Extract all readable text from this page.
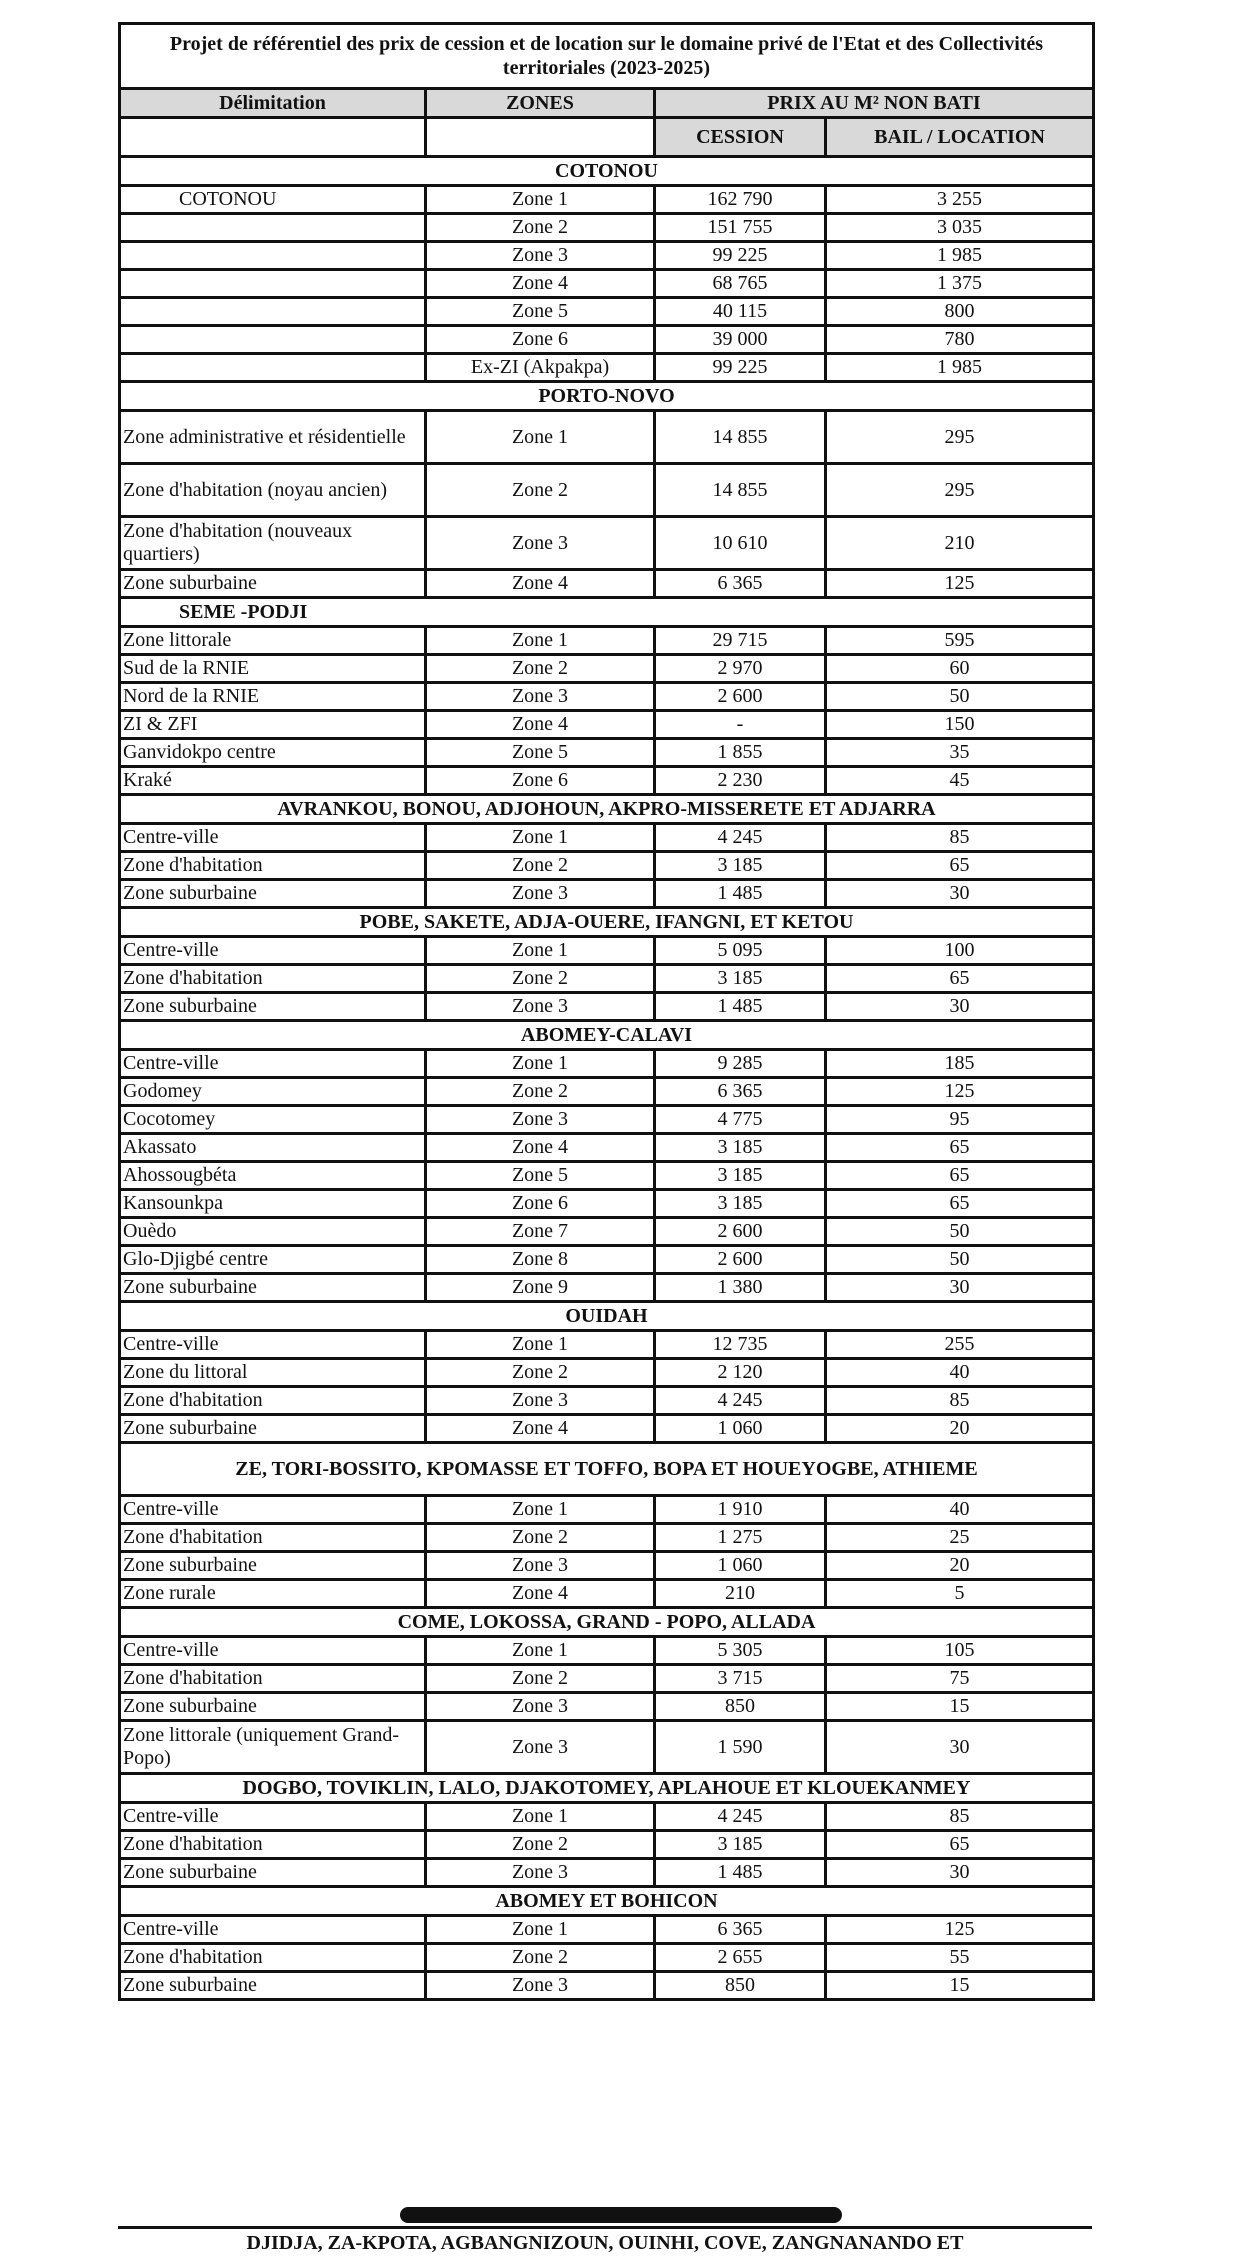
Projet de référentiel des prix de cession et de location sur le domaine privé de l'Etat et des Collectivités territoriales (2023-2025)			
Délimitation	ZONES	PRIX AU M² NON BATI	
		CESSION	BAIL / LOCATION
COTONOU			
COTONOU	Zone 1	162 790	3 255
	Zone 2	151 755	3 035
	Zone 3	99 225	1 985
	Zone 4	68 765	1 375
	Zone 5	40 115	800
	Zone 6	39 000	780
	Ex-ZI (Akpakpa)	99 225	1 985
PORTO-NOVO			
Zone administrative et résidentielle	Zone 1	14 855	295
Zone d'habitation (noyau ancien)	Zone 2	14 855	295
Zone d'habitation (nouveaux quartiers)	Zone 3	10 610	210
Zone suburbaine	Zone 4	6 365	125
SEME -PODJI			
Zone littorale	Zone 1	29 715	595
Sud de la RNIE	Zone 2	2 970	60
Nord de la RNIE	Zone 3	2 600	50
ZI & ZFI	Zone 4	-	150
Ganvidokpo centre	Zone 5	1 855	35
Kraké	Zone 6	2 230	45
AVRANKOU, BONOU, ADJOHOUN, AKPRO-MISSERETE ET ADJARRA			
Centre-ville	Zone 1	4 245	85
Zone d'habitation	Zone 2	3 185	65
Zone suburbaine	Zone 3	1 485	30
POBE, SAKETE, ADJA-OUERE, IFANGNI, ET KETOU			
Centre-ville	Zone 1	5 095	100
Zone d'habitation	Zone 2	3 185	65
Zone suburbaine	Zone 3	1 485	30
ABOMEY-CALAVI			
Centre-ville	Zone 1	9 285	185
Godomey	Zone 2	6 365	125
Cocotomey	Zone 3	4 775	95
Akassato	Zone 4	3 185	65
Ahossougbéta	Zone 5	3 185	65
Kansounkpa	Zone 6	3 185	65
Ouèdo	Zone 7	2 600	50
Glo-Djigbé centre	Zone 8	2 600	50
Zone suburbaine	Zone 9	1 380	30
OUIDAH			
Centre-ville	Zone 1	12 735	255
Zone du littoral	Zone 2	2 120	40
Zone d'habitation	Zone 3	4 245	85
Zone suburbaine	Zone 4	1 060	20
ZE, TORI-BOSSITO, KPOMASSE ET TOFFO, BOPA ET HOUEYOGBE, ATHIEME			
Centre-ville	Zone 1	1 910	40
Zone d'habitation	Zone 2	1 275	25
Zone suburbaine	Zone 3	1 060	20
Zone rurale	Zone 4	210	5
COME, LOKOSSA, GRAND - POPO, ALLADA			
Centre-ville	Zone 1	5 305	105
Zone d'habitation	Zone 2	3 715	75
Zone suburbaine	Zone 3	850	15
Zone littorale (uniquement Grand-Popo)	Zone 3	1 590	30
DOGBO, TOVIKLIN, LALO, DJAKOTOMEY, APLAHOUE ET KLOUEKANMEY			
Centre-ville	Zone 1	4 245	85
Zone d'habitation	Zone 2	3 185	65
Zone suburbaine	Zone 3	1 485	30
ABOMEY ET BOHICON			
Centre-ville	Zone 1	6 365	125
Zone d'habitation	Zone 2	2 655	55
Zone suburbaine	Zone 3	850	15
DJIDJA, ZA-KPOTA, AGBANGNIZOUN, OUINHI, COVE, ZANGNANANDO ET
